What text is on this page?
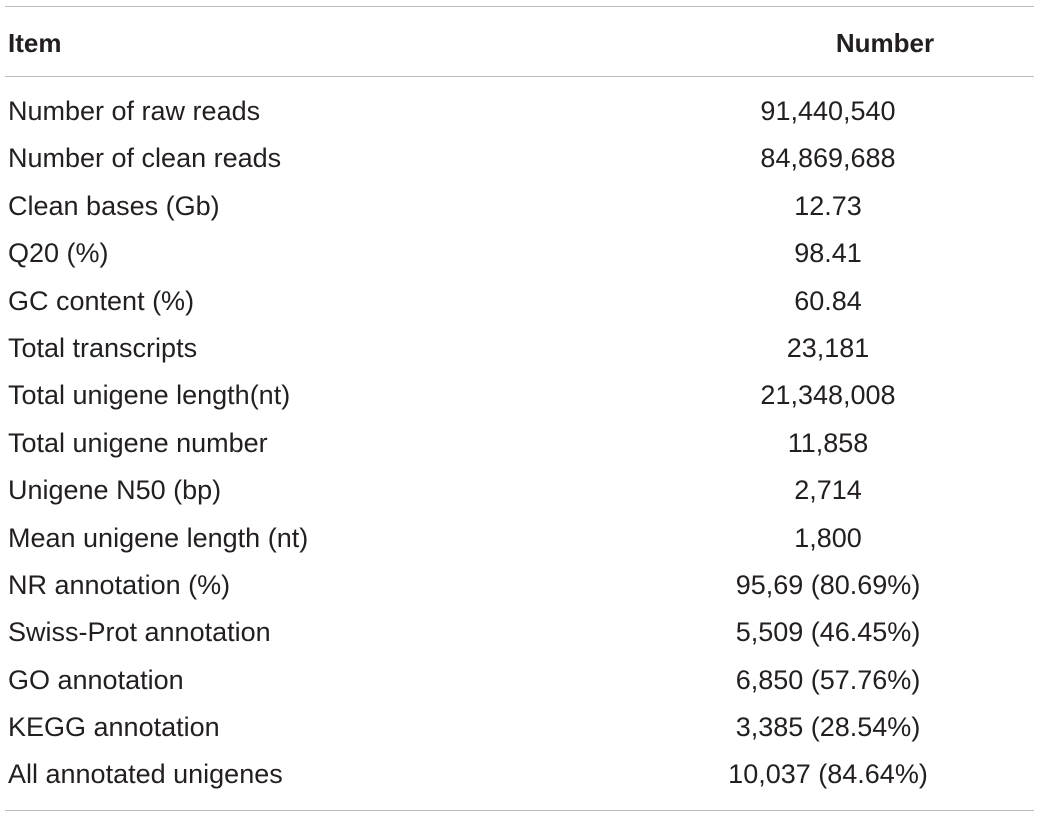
Item	Number
Number of raw reads	91,440,540
Number of clean reads	84,869,688
Clean bases (Gb)	12.73
Q20 (%)	98.41
GC content (%)	60.84
Total transcripts	23,181
Total unigene length(nt)	21,348,008
Total unigene number	11,858
Unigene N50 (bp)	2,714
Mean unigene length (nt)	1,800
NR annotation (%)	95,69 (80.69%)
Swiss-Prot annotation	5,509 (46.45%)
GO annotation	6,850 (57.76%)
KEGG annotation	3,385 (28.54%)
All annotated unigenes	10,037 (84.64%)
